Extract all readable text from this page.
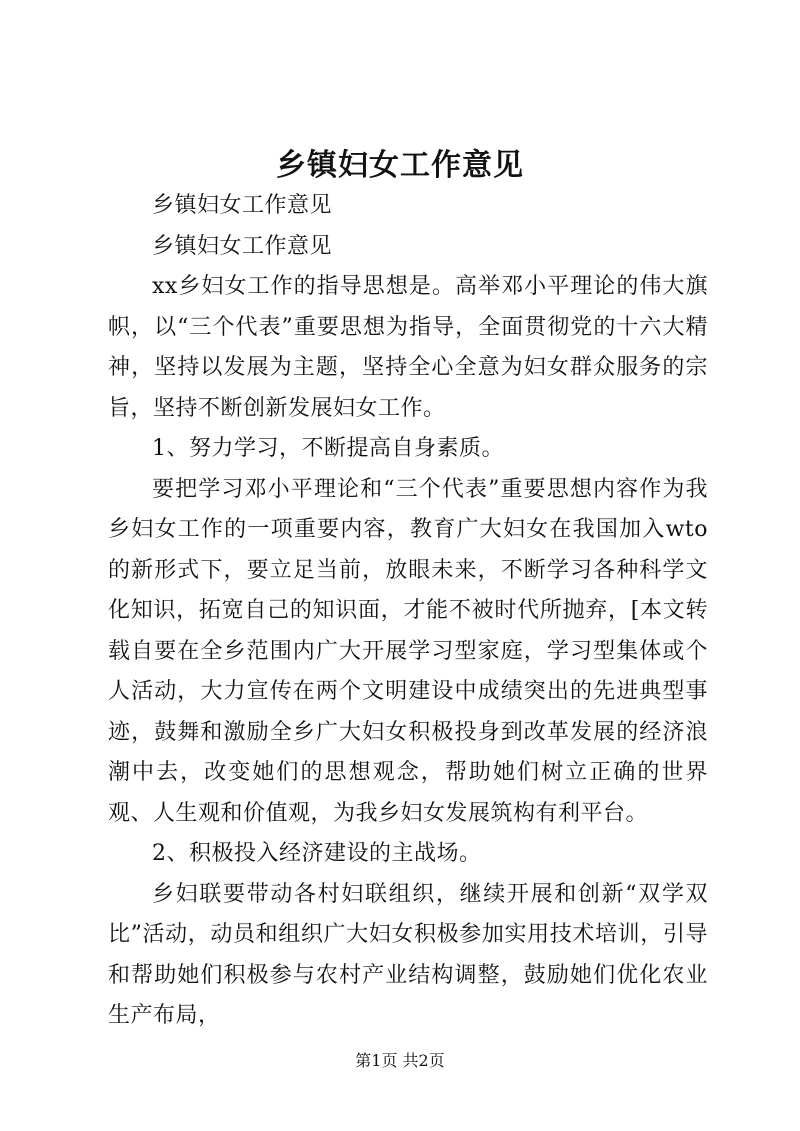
乡镇妇女工作意见

乡镇妇女工作意见

乡镇妇女工作意见

xx乡妇女工作的指导思想是。高举邓小平理论的伟大旗帜，以“三个代表”重要思想为指导，全面贯彻党的十六大精神，坚持以发展为主题，坚持全心全意为妇女群众服务的宗旨，坚持不断创新发展妇女工作。

1、努力学习，不断提高自身素质。

要把学习邓小平理论和“三个代表”重要思想内容作为我乡妇女工作的一项重要内容，教育广大妇女在我国加入wto的新形式下，要立足当前，放眼未来，不断学习各种科学文化知识，拓宽自己的知识面，才能不被时代所抛弃，[本文转载自要在全乡范围内广大开展学习型家庭，学习型集体或个人活动，大力宣传在两个文明建设中成绩突出的先进典型事迹，鼓舞和激励全乡广大妇女积极投身到改革发展的经济浪潮中去，改变她们的思想观念，帮助她们树立正确的世界观、人生观和价值观，为我乡妇女发展筑构有利平台。

2、积极投入经济建设的主战场。

乡妇联要带动各村妇联组织，继续开展和创新“双学双比”活动，动员和组织广大妇女积极参加实用技术培训，引导和帮助她们积极参与农村产业结构调整，鼓励她们优化农业生产布局，

第1页 共2页
